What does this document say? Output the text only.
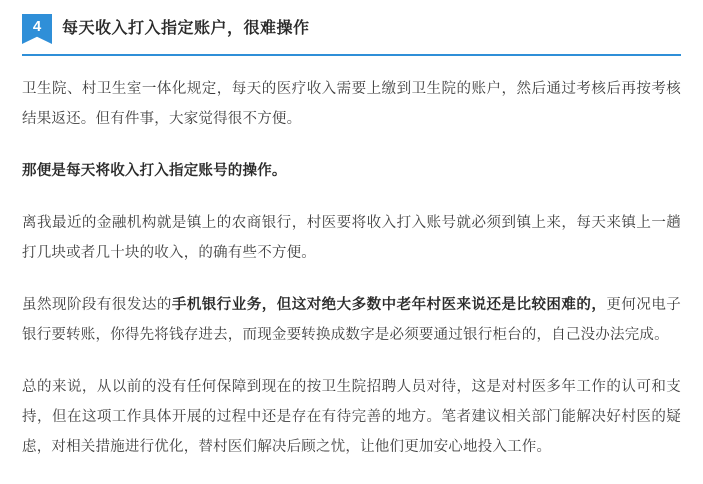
4	每天收入打入指定账户，很难操作

卫生院、村卫生室一体化规定，每天的医疗收入需要上缴到卫生院的账户，然后通过考核后再按考核结果返还。但有件事，大家觉得很不方便。

那便是每天将收入打入指定账号的操作。

离我最近的金融机构就是镇上的农商银行，村医要将收入打入账号就必须到镇上来，每天来镇上一趟打几块或者几十块的收入，的确有些不方便。

虽然现阶段有很发达的手机银行业务，但这对绝大多数中老年村医来说还是比较困难的，更何况电子银行要转账，你得先将钱存进去，而现金要转换成数字是必须要通过银行柜台的，自己没办法完成。

总的来说，从以前的没有任何保障到现在的按卫生院招聘人员对待，这是对村医多年工作的认可和支持，但在这项工作具体开展的过程中还是存在有待完善的地方。笔者建议相关部门能解决好村医的疑虑，对相关措施进行优化，替村医们解决后顾之忧，让他们更加安心地投入工作。
